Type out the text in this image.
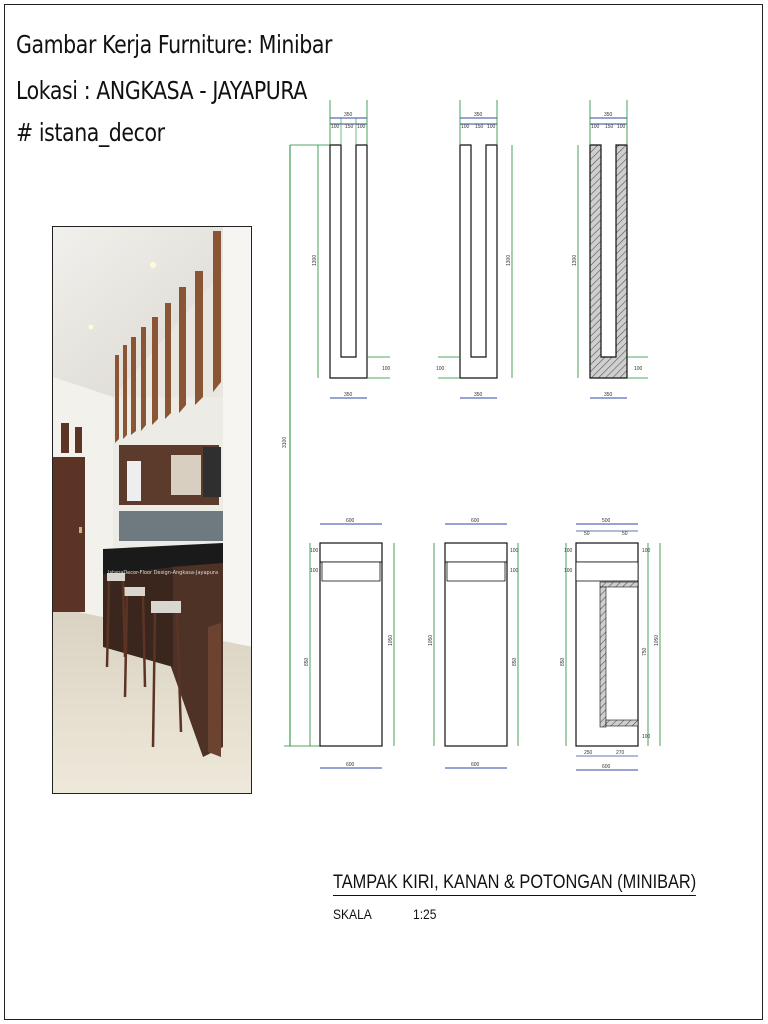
Gambar Kerja Furniture: Minibar
Lokasi : ANGKASA - JAYAPURA
# istana_decor
IstanaDecor-Floor Design-Angkasa-Jayapura
3100
350
100 150 100
1300
350
100
350
100 150 100
1300
350
100
350
100 150 100
1300
350
100
600
600
100
100
850
1050
600
600
1050
100
100
850
500
50	50
100
100
850
100
750
1050
100
250	270
600
TAMPAK KIRI, KANAN & POTONGAN (MINIBAR)
SKALA	1:25
